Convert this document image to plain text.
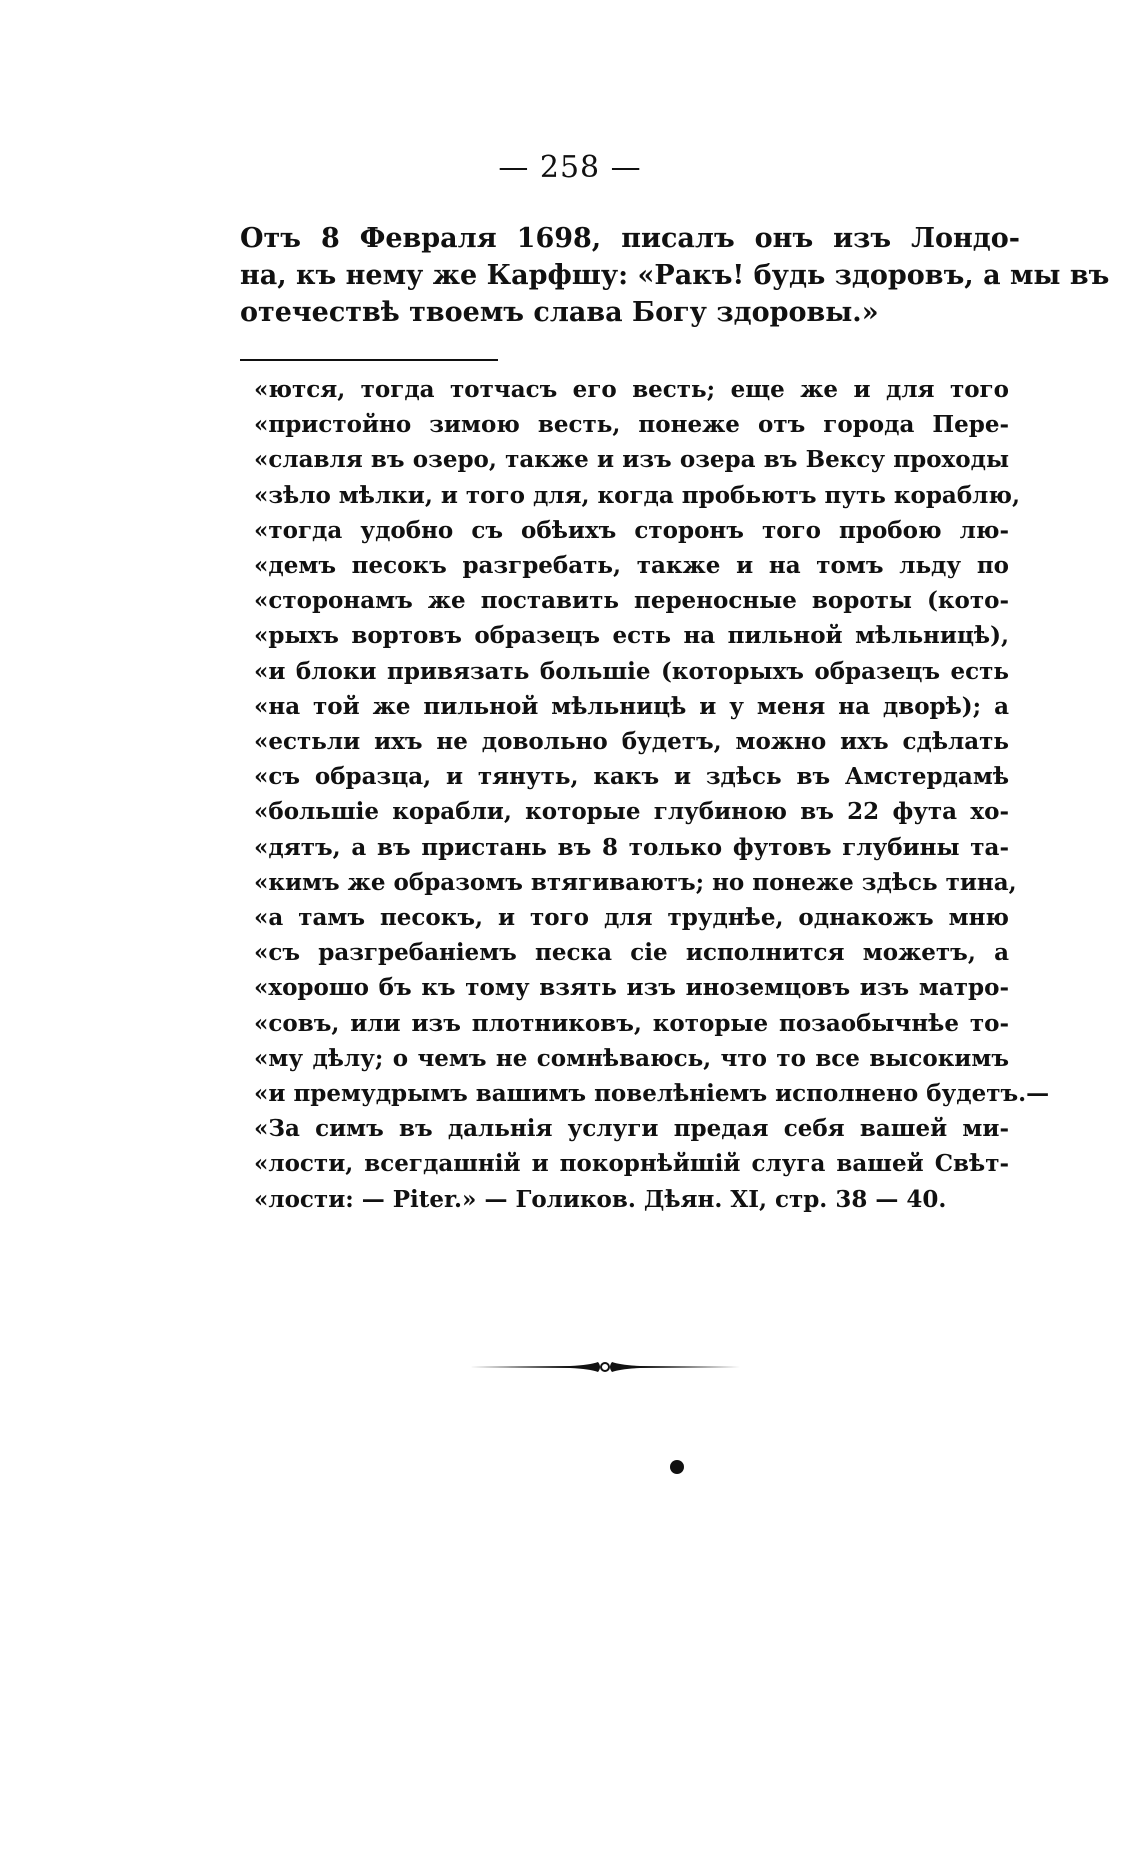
— 258 —
Отъ 8 Февраля 1698, писалъ онъ изъ Лондо-
на, къ нему же Карфшу: «Ракъ! будь здоровъ, а мы въ
отечествѣ твоемъ слава Богу здоровы.»
«ются, тогда тотчасъ его весть; еще же и для того
«пристойно зимою весть, понеже отъ города Пере-
«славля въ озеро, также и изъ озера въ Вексу проходы
«зѣло мѣлки, и того для, когда пробьютъ путь кораблю,
«тогда удобно съ обѣихъ сторонъ того пробою лю-
«демъ песокъ разгребать, также и на томъ льду по
«сторонамъ же поставить переносные вороты (кото-
«рыхъ вортовъ образецъ есть на пильной мѣльницѣ),
«и блоки привязать большіе (которыхъ образецъ есть
«на той же пильной мѣльницѣ и у меня на дворѣ); а
«естьли ихъ не довольно будетъ, можно ихъ сдѣлать
«съ образца, и тянуть, какъ и здѣсь въ Амстердамѣ
«большіе корабли, которые глубиною въ 22 фута хо-
«дятъ, а въ пристань въ 8 только футовъ глубины та-
«кимъ же образомъ втягиваютъ; но понеже здѣсь тина,
«а тамъ песокъ, и того для труднѣе, однакожъ мню
«съ разгребаніемъ песка сіе исполнится можетъ, а
«хорошо бъ къ тому взять изъ иноземцовъ изъ матро-
«совъ, или изъ плотниковъ, которые позаобычнѣе то-
«му дѣлу; о чемъ не сомнѣваюсь, что то все высокимъ
«и премудрымъ вашимъ повелѣніемъ исполнено будетъ.—
«За симъ въ дальнія услуги предая себя вашей ми-
«лости, всегдашній и покорнѣйшій слуга вашей Свѣт-
«лости: — Piter.» — Голиков. Дѣян. XI, стр. 38 — 40.
